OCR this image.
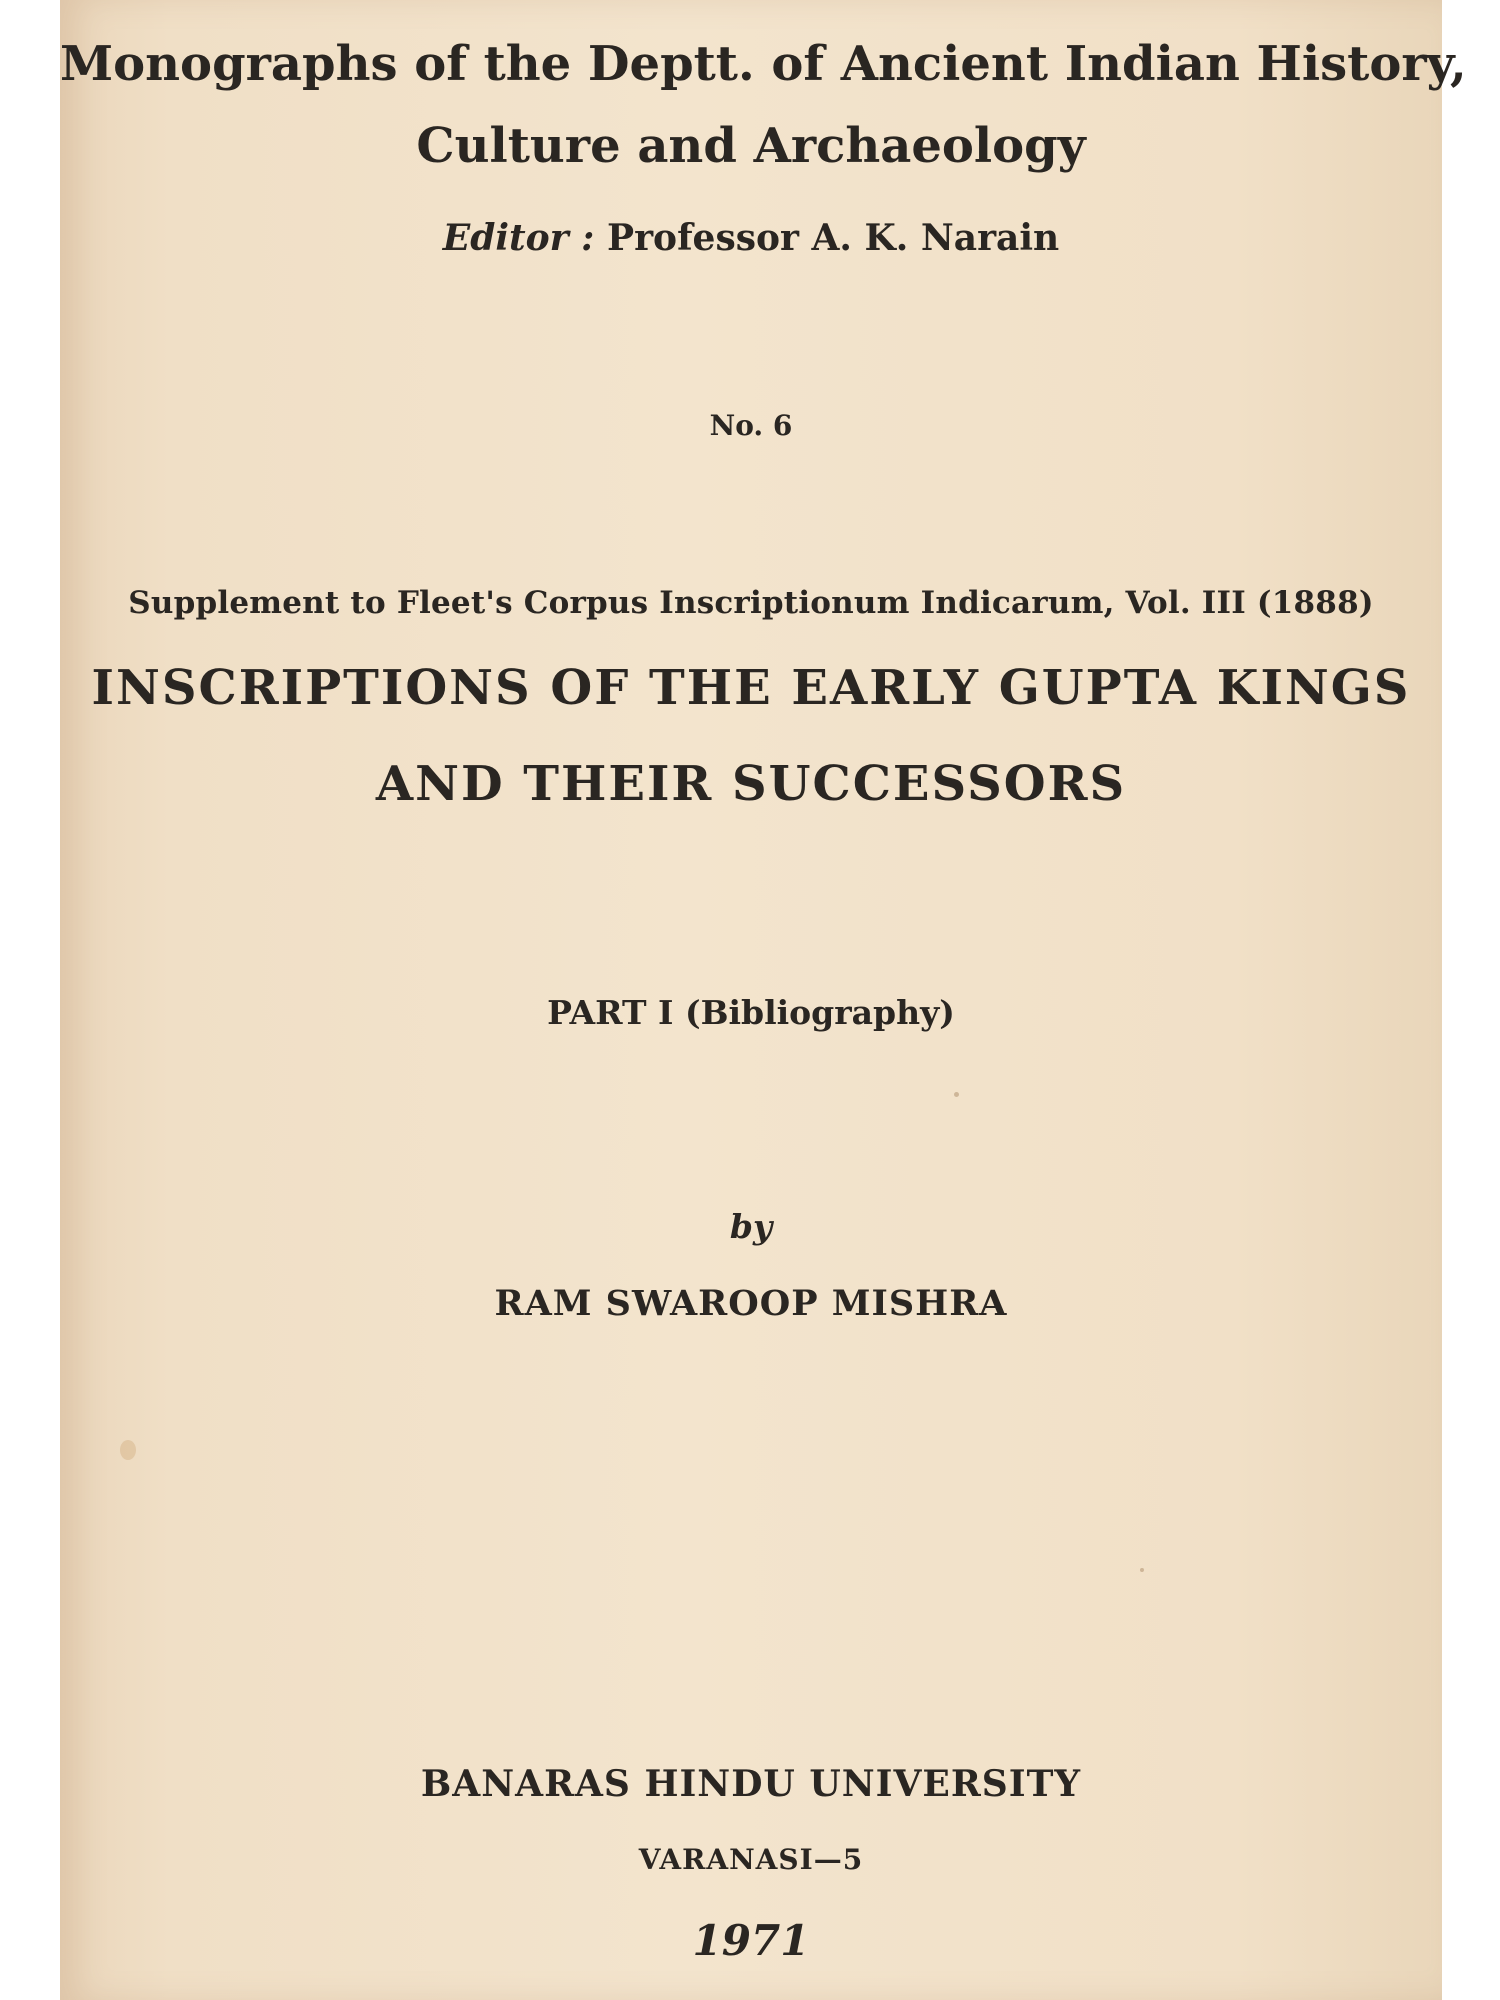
Monographs of the Deptt. of Ancient Indian History,
Culture and Archaeology
Editor : Professor A. K. Narain
No. 6
Supplement to Fleet's Corpus Inscriptionum Indicarum, Vol. III (1888)
INSCRIPTIONS OF THE EARLY GUPTA KINGS
AND THEIR SUCCESSORS
PART I (Bibliography)
by
RAM SWAROOP MISHRA
BANARAS HINDU UNIVERSITY
VARANASI—5
1971
